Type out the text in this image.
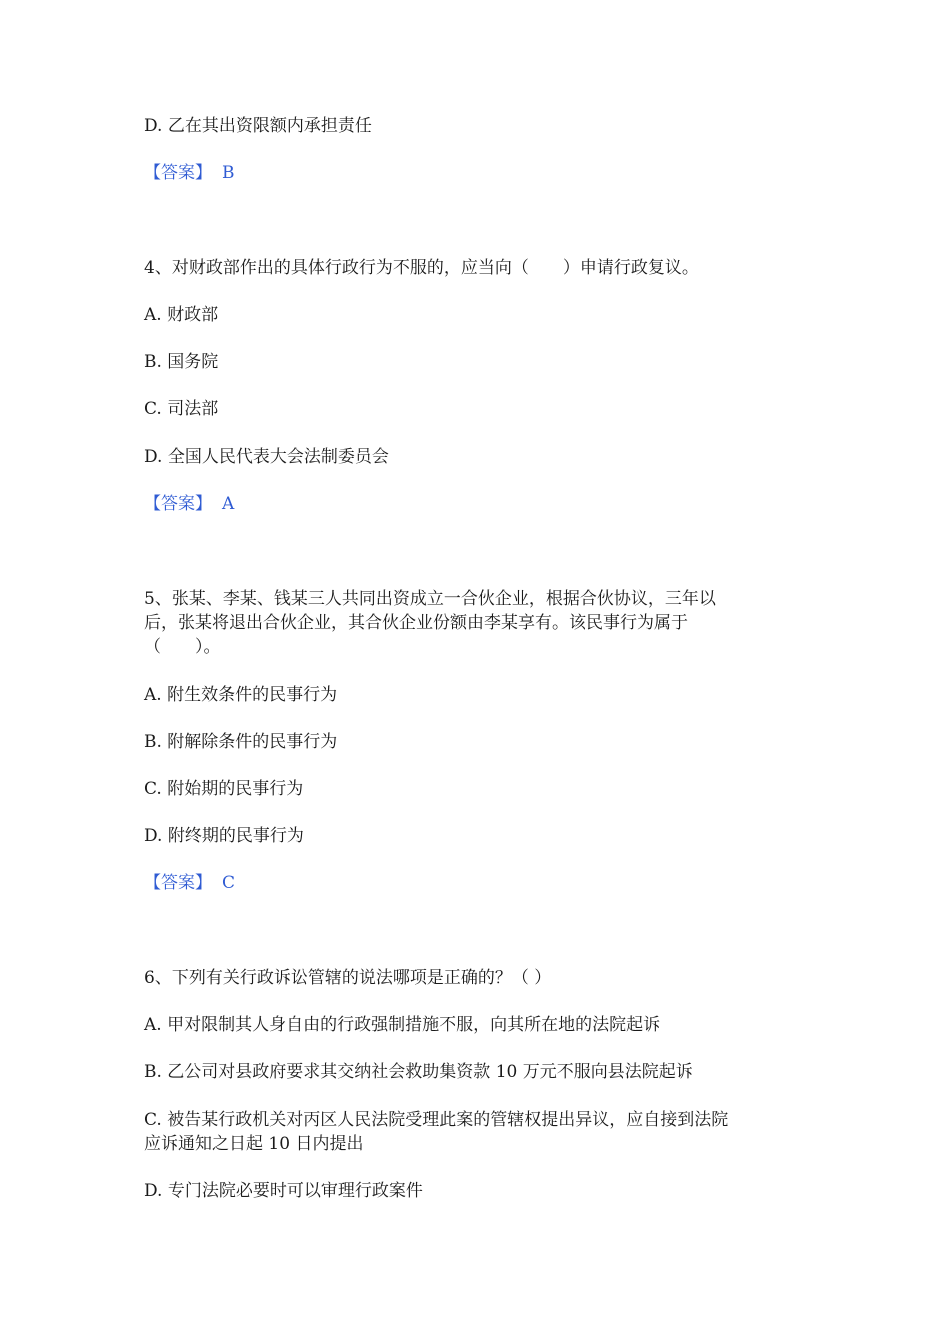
D. 乙在其出资限额内承担责任
【答案】 B
4、对财政部作出的具体行政行为不服的，应当向（　　）申请行政复议。
A. 财政部
B. 国务院
C. 司法部
D. 全国人民代表大会法制委员会
【答案】 A
5、张某、李某、钱某三人共同出资成立一合伙企业，根据合伙协议，三年以
后，张某将退出合伙企业，其合伙企业份额由李某享有。该民事行为属于
（　　）。
A. 附生效条件的民事行为
B. 附解除条件的民事行为
C. 附始期的民事行为
D. 附终期的民事行为
【答案】 C
6、下列有关行政诉讼管辖的说法哪项是正确的？（ ）
A. 甲对限制其人身自由的行政强制措施不服，向其所在地的法院起诉
B. 乙公司对县政府要求其交纳社会救助集资款 10 万元不服向县法院起诉
C. 被告某行政机关对丙区人民法院受理此案的管辖权提出异议，应自接到法院
应诉通知之日起 10 日内提出
D. 专门法院必要时可以审理行政案件
